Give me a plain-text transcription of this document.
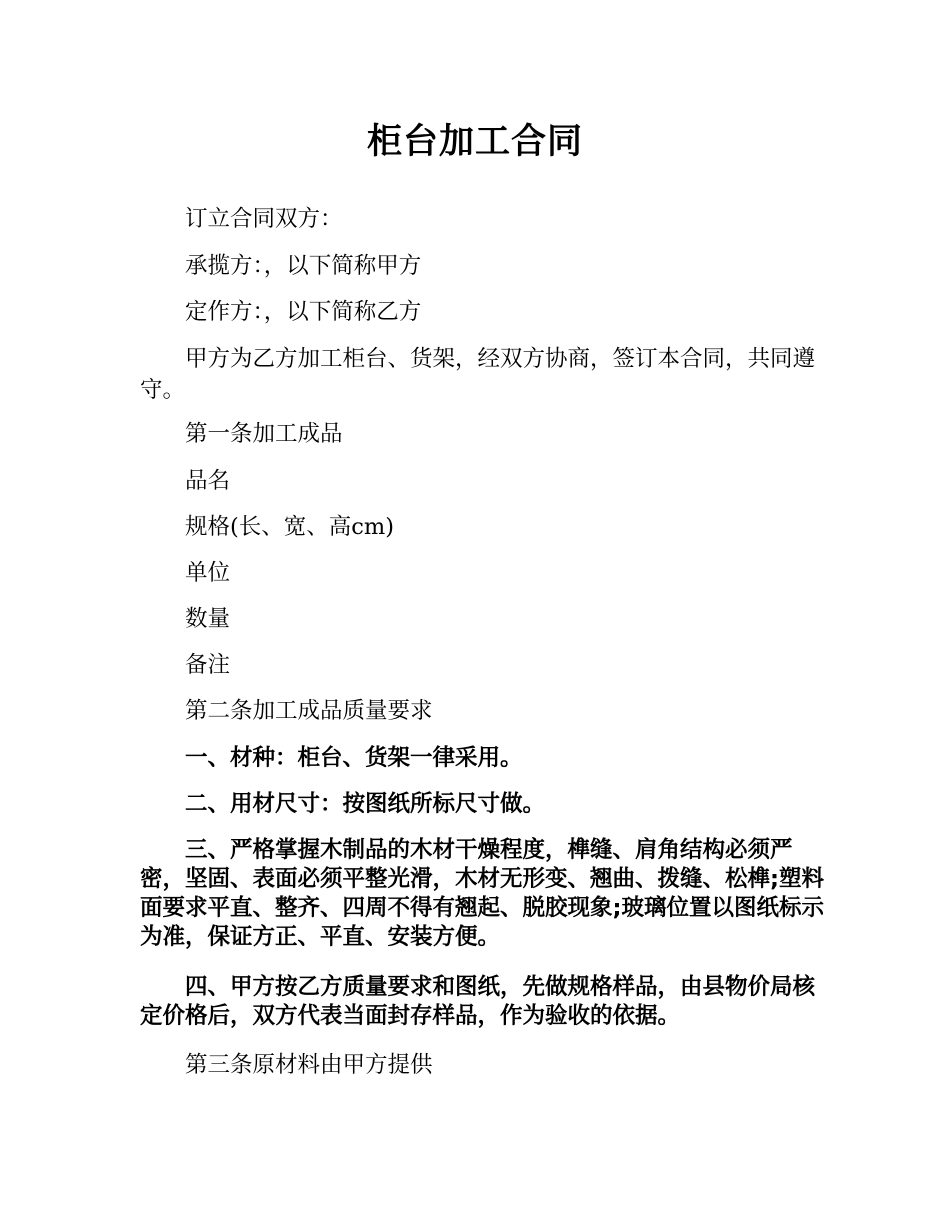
柜台加工合同
订立合同双方：
承揽方：，以下简称甲方
定作方：，以下简称乙方
甲方为乙方加工柜台、货架，经双方协商，签订本合同，共同遵守。
第一条加工成品
品名
规格(长、宽、高cm)
单位
数量
备注
第二条加工成品质量要求
一、材种：柜台、货架一律采用。
二、用材尺寸：按图纸所标尺寸做。
三、严格掌握木制品的木材干燥程度，榫缝、肩角结构必须严密，坚固、表面必须平整光滑，木材无形变、翘曲、拨缝、松榫;塑料面要求平直、整齐、四周不得有翘起、脱胶现象;玻璃位置以图纸标示为准，保证方正、平直、安装方便。
四、甲方按乙方质量要求和图纸，先做规格样品，由县物价局核定价格后，双方代表当面封存样品，作为验收的依据。
第三条原材料由甲方提供
